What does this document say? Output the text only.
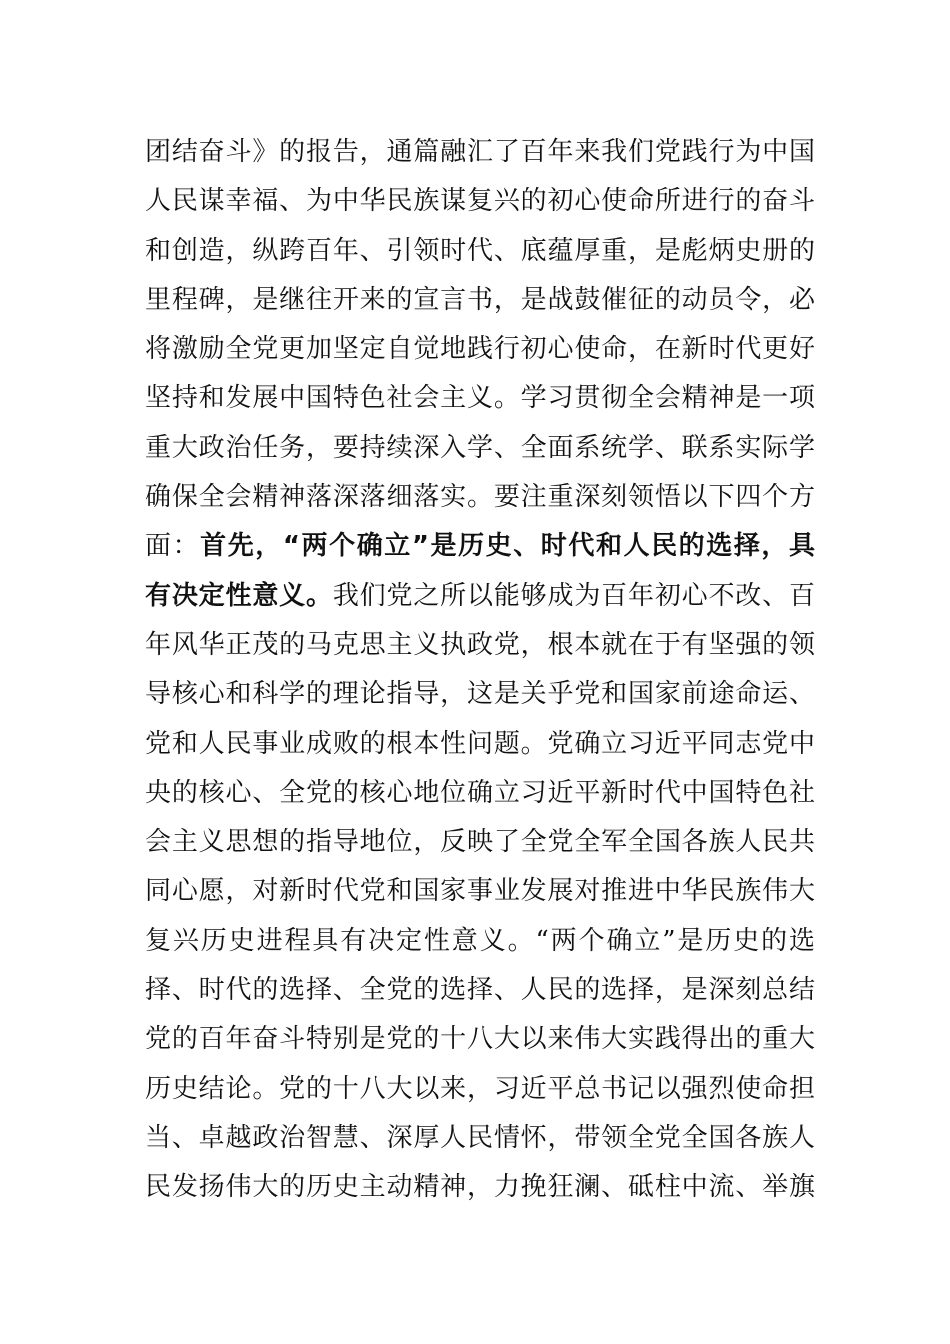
团结奋斗》的报告，通篇融汇了百年来我们党践行为中国
人民谋幸福、为中华民族谋复兴的初心使命所进行的奋斗
和创造，纵跨百年、引领时代、底蕴厚重，是彪炳史册的
里程碑，是继往开来的宣言书，是战鼓催征的动员令，必
将激励全党更加坚定自觉地践行初心使命，在新时代更好
坚持和发展中国特色社会主义。学习贯彻全会精神是一项
重大政治任务，要持续深入学、全面系统学、联系实际学
确保全会精神落深落细落实。要注重深刻领悟以下四个方
面：首先，“两个确立”是历史、时代和人民的选择，具
有决定性意义。我们党之所以能够成为百年初心不改、百
年风华正茂的马克思主义执政党，根本就在于有坚强的领
导核心和科学的理论指导，这是关乎党和国家前途命运、
党和人民事业成败的根本性问题。党确立习近平同志党中
央的核心、全党的核心地位确立习近平新时代中国特色社
会主义思想的指导地位，反映了全党全军全国各族人民共
同心愿，对新时代党和国家事业发展对推进中华民族伟大
复兴历史进程具有决定性意义。“两个确立”是历史的选
择、时代的选择、全党的选择、人民的选择，是深刻总结
党的百年奋斗特别是党的十八大以来伟大实践得出的重大
历史结论。党的十八大以来，习近平总书记以强烈使命担
当、卓越政治智慧、深厚人民情怀，带领全党全国各族人
民发扬伟大的历史主动精神，力挽狂澜、砥柱中流、举旗
